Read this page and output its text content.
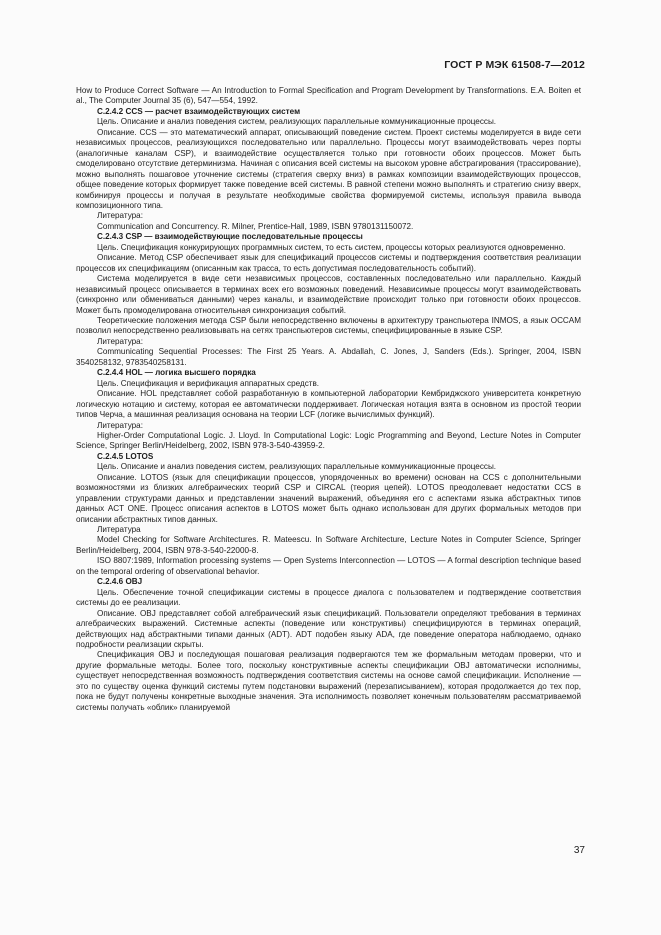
ГОСТ Р МЭК 61508-7—2012

How to Produce Correct Software — An Introduction to Formal Specification and Program Development by Transformations. E.A. Boiten et al., The Computer Journal 35 (6), 547—554, 1992.

C.2.4.2 CCS — расчет взаимодействующих систем

Цель. Описание и анализ поведения систем, реализующих параллельные коммуникационные процессы.

Описание. CCS — это математический аппарат, описывающий поведение систем. Проект системы моделируется в виде сети независимых процессов, реализующихся последовательно или параллельно. Процессы могут взаимодействовать через порты (аналогичные каналам CSP), и взаимодействие осуществляется только при готовности обоих процессов. Может быть смоделировано отсутствие детерминизма. Начиная с описания всей системы на высоком уровне абстрагирования (трассирование), можно выполнять пошаговое уточнение системы (стратегия сверху вниз) в рамках композиции взаимодействующих процессов, общее поведение которых формирует также поведение всей системы. В равной степени можно выполнять и стратегию снизу вверх, комбинируя процессы и получая в результате необходимые свойства формируемой системы, используя правила вывода композиционного типа.

Литература:

Communication and Concurrency. R. Milner, Prentice-Hall, 1989, ISBN 9780131150072.

C.2.4.3 CSP — взаимодействующие последовательные процессы

Цель. Спецификация конкурирующих программных систем, то есть систем, процессы которых реализуются одновременно.

Описание. Метод CSP обеспечивает язык для спецификаций процессов системы и подтверждения соответствия реализации процессов их спецификациям (описанным как трасса, то есть допустимая последовательность событий).

Система моделируется в виде сети независимых процессов, составленных последовательно или параллельно. Каждый независимый процесс описывается в терминах всех его возможных поведений. Независимые процессы могут взаимодействовать (синхронно или обмениваться данными) через каналы, и взаимодействие происходит только при готовности обоих процессов. Может быть промоделирована относительная синхронизация событий.

Теоретические положения метода CSP были непосредственно включены в архитектуру транспьютера INMOS, а язык OCCAM позволил непосредственно реализовывать на сетях транспьютеров системы, специфицированные в языке CSP.

Литература:

Communicating Sequential Processes: The First 25 Years. A. Abdallah, C. Jones, J, Sanders (Eds.). Springer, 2004, ISBN 3540258132, 9783540258131.

C.2.4.4 HOL — логика высшего порядка

Цель. Спецификация и верификация аппаратных средств.

Описание. HOL представляет собой разработанную в компьютерной лаборатории Кембриджского университета конкретную логическую нотацию и систему, которая ее автоматически поддерживает. Логическая нотация взята в основном из простой теории типов Черча, а машинная реализация основана на теории LCF (логике вычислимых функций).

Литература:

Higher-Order Computational Logic. J. Lloyd. In Computational Logic: Logic Programming and Beyond, Lecture Notes in Computer Science, Springer Berlin/Heidelberg, 2002, ISBN 978-3-540-43959-2.

C.2.4.5 LOTOS

Цель. Описание и анализ поведения систем, реализующих параллельные коммуникационные процессы.

Описание. LOTOS (язык для спецификации процессов, упорядоченных во времени) основан на CCS с дополнительными возможностями из близких алгебраических теорий CSP и CIRCAL (теория цепей). LOTOS преодолевает недостатки CCS в управлении структурами данных и представлении значений выражений, объединяя его с аспектами языка абстрактных типов данных ACT ONE. Процесс описания аспектов в LOTOS может быть однако использован для других формальных методов при описании абстрактных типов данных.

Литература

Model Checking for Software Architectures. R. Mateescu. In Software Architecture, Lecture Notes in Computer Science, Springer Berlin/Heidelberg, 2004, ISBN 978-3-540-22000-8.

ISO 8807:1989, Information processing systems — Open Systems Interconnection — LOTOS — A formal description technique based on the temporal ordering of observational behavior.

C.2.4.6 OBJ

Цель. Обеспечение точной спецификации системы в процессе диалога с пользователем и подтверждение соответствия системы до ее реализации.

Описание. OBJ представляет собой алгебраический язык спецификаций. Пользователи определяют требования в терминах алгебраических выражений. Системные аспекты (поведение или конструктивы) специфицируются в терминах операций, действующих над абстрактными типами данных (ADT). ADT подобен языку ADA, где поведение оператора наблюдаемо, однако подробности реализации скрыты.

Спецификация OBJ и последующая пошаговая реализация подвергаются тем же формальным методам проверки, что и другие формальные методы. Более того, поскольку конструктивные аспекты спецификации OBJ автоматически исполнимы, существует непосредственная возможность подтверждения соответствия системы на основе самой спецификации. Исполнение — это по существу оценка функций системы путем подстановки выражений (перезаписыванием), которая продолжается до тех пор, пока не будут получены конкретные выходные значения. Эта исполнимость позволяет конечным пользователям рассматриваемой системы получать «облик» планируемой

37
